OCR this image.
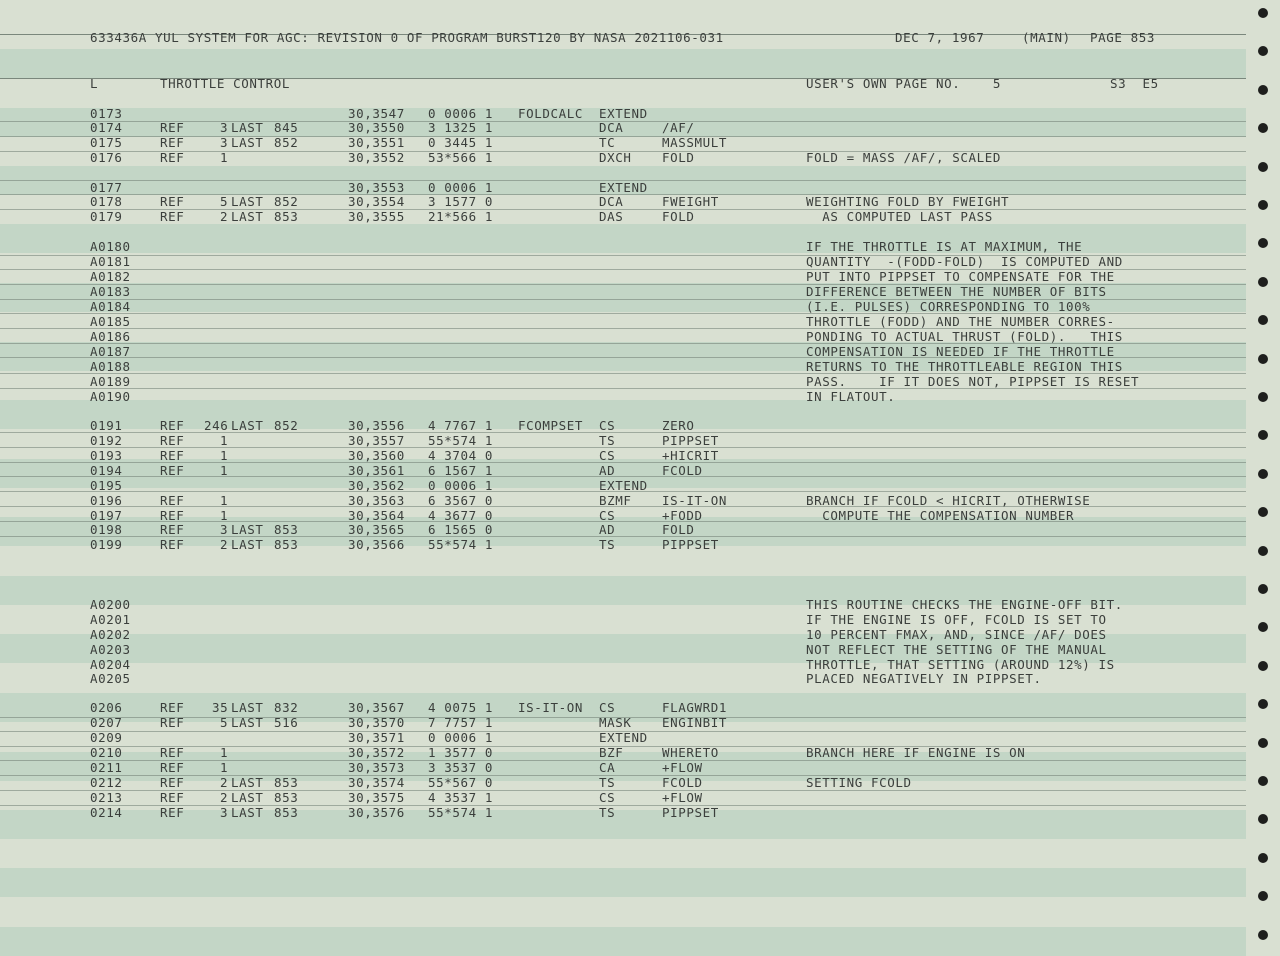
633436A YUL SYSTEM FOR AGC: REVISION 0 OF PROGRAM BURST120 BY NASA 2021106-031	DEC 7, 1967	(MAIN) PAGE 853
L	THROTTLE CONTROL	USER'S OWN PAGE NO.    5	S3  E5
0173	30,3547 0 0006 1 FOLDCALC EXTEND
0174	REF	3 LAST 845	30,3550 3 1325 1	DCA	/AF/
0175	REF	3 LAST 852	30,3551 0 3445 1	TC	MASSMULT
0176	REF	1	30,3552 53*566 1	DXCH FOLD	FOLD = MASS /AF/, SCALED
0177	30,3553 0 0006 1	EXTEND
0178	REF	5 LAST 852	30,3554 3 1577 0	DCA	FWEIGHT	WEIGHTING FOLD BY FWEIGHT
0179	REF	2 LAST 853	30,3555 21*566 1	DAS	FOLD	AS COMPUTED LAST PASS
A0180	IF THE THROTTLE IS AT MAXIMUM, THE
A0181	QUANTITY  -(FODD-FOLD)  IS COMPUTED AND
A0182	PUT INTO PIPPSET TO COMPENSATE FOR THE
A0183	DIFFERENCE BETWEEN THE NUMBER OF BITS
A0184	(I.E. PULSES) CORRESPONDING TO 100%
A0185	THROTTLE (FODD) AND THE NUMBER CORRES-
A0186	PONDING TO ACTUAL THRUST (FOLD).   THIS
A0187	COMPENSATION IS NEEDED IF THE THROTTLE
A0188	RETURNS TO THE THROTTLEABLE REGION THIS
A0189	PASS.    IF IT DOES NOT, PIPPSET IS RESET
A0190	IN FLATOUT.
0191	REF 246 LAST 852	30,3556 4 7767 1 FCOMPSET CS	ZERO
0192	REF	1	30,3557 55*574 1	TS	PIPPSET
0193	REF	1	30,3560 4 3704 0	CS	+HICRIT
0194	REF	1	30,3561 6 1567 1	AD	FCOLD
0195	30,3562 0 0006 1	EXTEND
0196	REF	1	30,3563 6 3567 0	BZMF IS-IT-ON	BRANCH IF FCOLD < HICRIT, OTHERWISE
0197	REF	1	30,3564 4 3677 0	CS	+FODD	COMPUTE THE COMPENSATION NUMBER
0198	REF	3 LAST 853	30,3565 6 1565 0	AD	FOLD
0199	REF	2 LAST 853	30,3566 55*574 1	TS	PIPPSET
A0200	THIS ROUTINE CHECKS THE ENGINE-OFF BIT.
A0201	IF THE ENGINE IS OFF, FCOLD IS SET TO
A0202	10 PERCENT FMAX, AND, SINCE /AF/ DOES
A0203	NOT REFLECT THE SETTING OF THE MANUAL
A0204	THROTTLE, THAT SETTING (AROUND 12%) IS
A0205	PLACED NEGATIVELY IN PIPPSET.
0206	REF 35 LAST 832	30,3567 4 0075 1 IS-IT-ON CS	FLAGWRD1
0207	REF	5 LAST 516	30,3570 7 7757 1	MASK ENGINBIT
0209	30,3571 0 0006 1	EXTEND
0210	REF	1	30,3572 1 3577 0	BZF	WHERETO	BRANCH HERE IF ENGINE IS ON
0211	REF	1	30,3573 3 3537 0	CA	+FLOW
0212	REF	2 LAST 853	30,3574 55*567 0	TS	FCOLD	SETTING FCOLD
0213	REF	2 LAST 853	30,3575 4 3537 1	CS	+FLOW
0214	REF	3 LAST 853	30,3576 55*574 1	TS	PIPPSET
